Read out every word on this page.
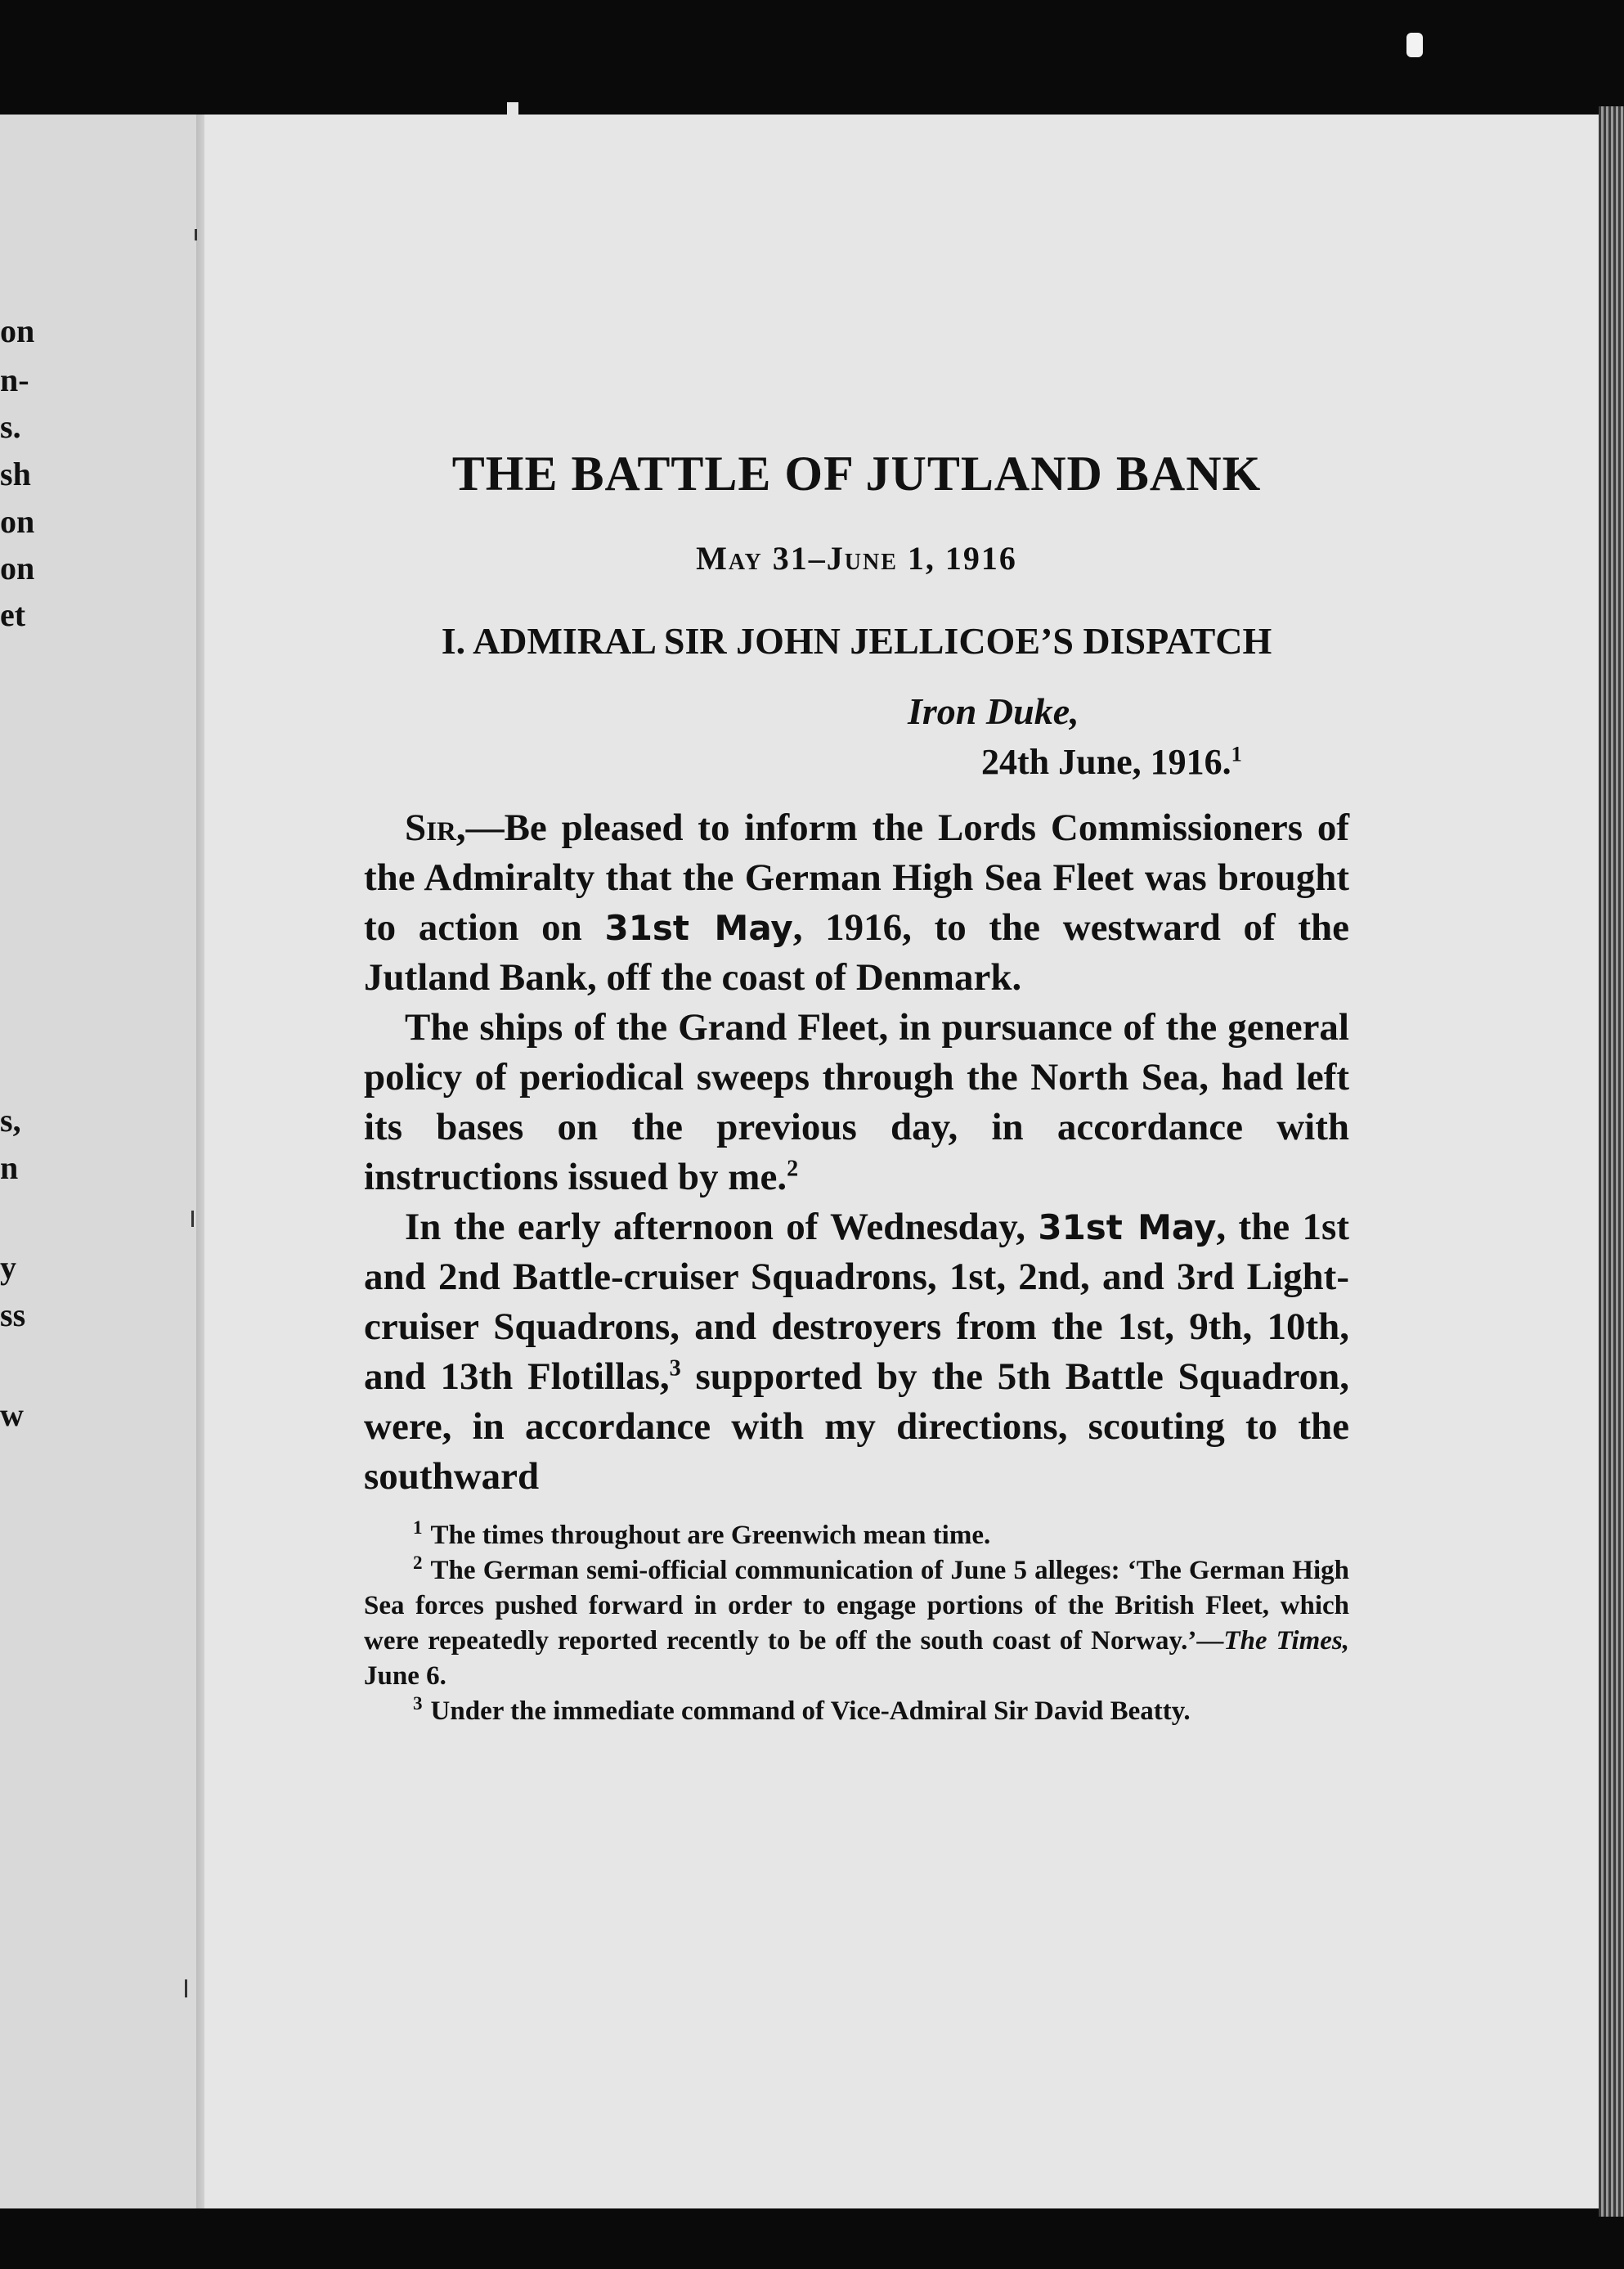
on
n-
s.
sh
on
on
et
s,
n
y
ss
w
THE BATTLE OF JUTLAND BANK

May 31–June 1, 1916

I. ADMIRAL SIR JOHN JELLICOE’S DISPATCH
Iron Duke,
24th June, 1916.$^1$

Sir,—Be pleased to inform the Lords Commissioners of the Admiralty that the German High Sea Fleet was brought to action on 31st May, 1916, to the westward of the Jutland Bank, off the coast of Denmark.

The ships of the Grand Fleet, in pursuance of the general policy of periodical sweeps through the North Sea, had left its bases on the previous day, in accordance with instructions issued by me.$^2$

In the early afternoon of Wednesday, 31st May, the 1st and 2nd Battle-cruiser Squadrons, 1st, 2nd, and 3rd Light-cruiser Squadrons, and destroyers from the 1st, 9th, 10th, and 13th Flotillas,$^3$ supported by the 5th Battle Squadron, were, in accordance with my directions, scouting to the southward

$^1$ The times throughout are Greenwich mean time.

$^2$ The German semi-official communication of June 5 alleges: ‘The German High Sea forces pushed forward in order to engage portions of the British Fleet, which were repeatedly reported recently to be off the south coast of Norway.’—The Times, June 6.

$^3$ Under the immediate command of Vice-Admiral Sir David Beatty.
